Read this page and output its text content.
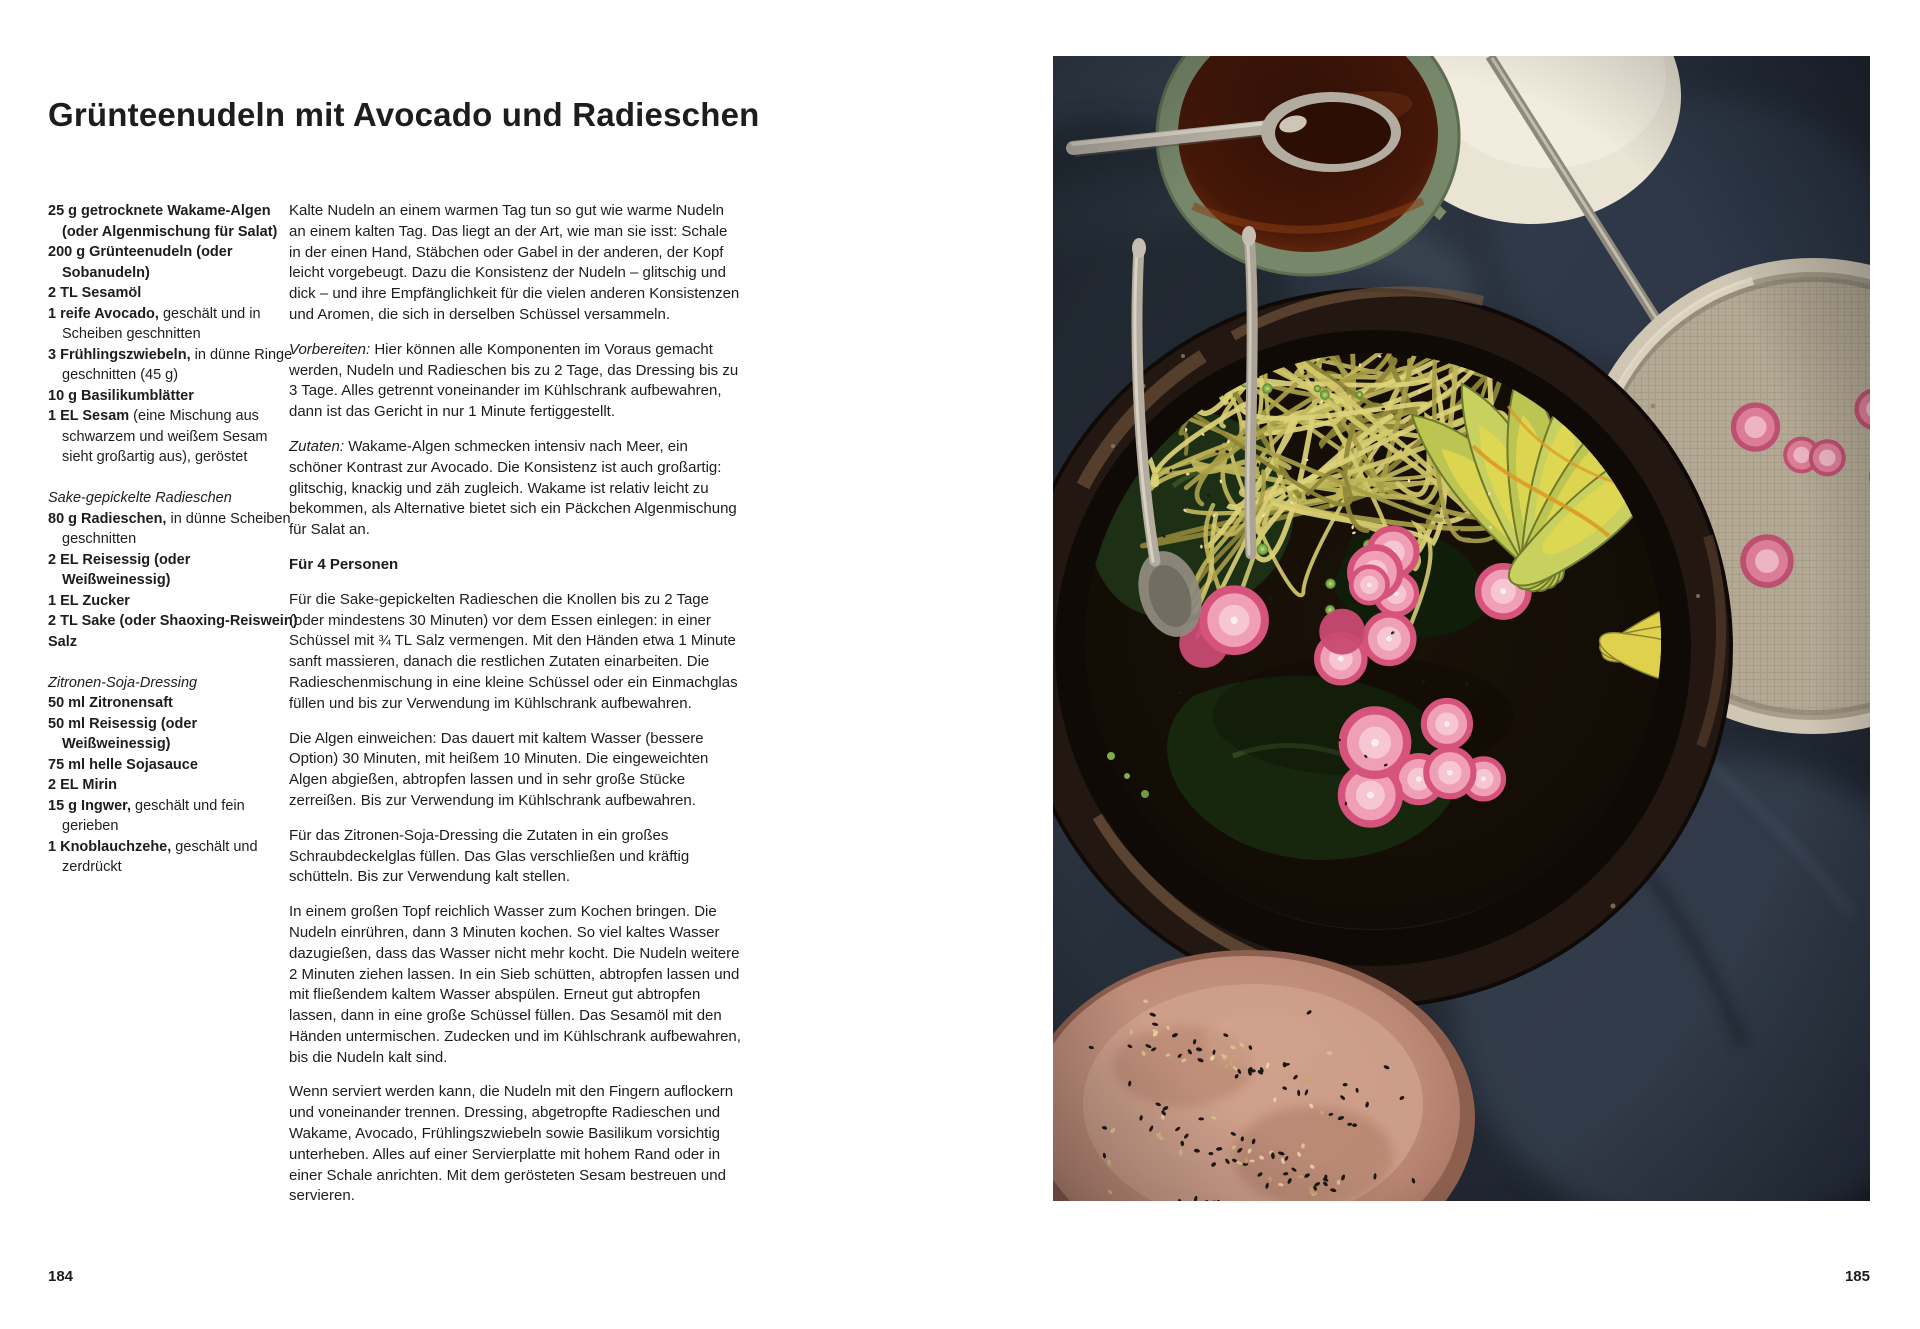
Grünteenudeln mit Avocado und Radieschen
25 g getrocknete Wakame-Algen (oder Algenmischung für Salat)
200 g Grünteenudeln (oder Sobanudeln)
2 TL Sesamöl
1 reife Avocado, geschält und in Scheiben geschnitten
3 Frühlingszwiebeln, in dünne Ringe geschnitten (45 g)
10 g Basilikumblätter
1 EL Sesam (eine Mischung aus schwarzem und weißem Sesam sieht großartig aus), geröstet
Sake-gepickelte Radieschen
80 g Radieschen, in dünne Scheiben geschnitten
2 EL Reisessig (oder Weißweinessig)
1 EL Zucker
2 TL Sake (oder Shaoxing-Reiswein)
Salz
Zitronen-Soja-Dressing
50 ml Zitronensaft
50 ml Reisessig (oder Weißweinessig)
75 ml helle Sojasauce
2 EL Mirin
15 g Ingwer, geschält und fein gerieben
1 Knoblauchzehe, geschält und zerdrückt
Kalte Nudeln an einem warmen Tag tun so gut wie warme Nudeln an einem kalten Tag. Das liegt an der Art, wie man sie isst: Schale in der einen Hand, Stäbchen oder Gabel in der anderen, der Kopf leicht vorgebeugt. Dazu die Konsistenz der Nudeln – glitschig und dick – und ihre Empfänglichkeit für die vielen anderen Konsistenzen und Aromen, die sich in derselben Schüssel versammeln.
Vorbereiten: Hier können alle Komponenten im Voraus gemacht werden, Nudeln und Radieschen bis zu 2 Tage, das Dressing bis zu 3 Tage. Alles getrennt voneinander im Kühlschrank aufbewahren, dann ist das Gericht in nur 1 Minute fertiggestellt.
Zutaten: Wakame-Algen schmecken intensiv nach Meer, ein schöner Kontrast zur Avocado. Die Konsistenz ist auch großartig: glitschig, knackig und zäh zugleich. Wakame ist relativ leicht zu bekommen, als Alternative bietet sich ein Päckchen Algenmischung für Salat an.
Für 4 Personen
Für die Sake-gepickelten Radieschen die Knollen bis zu 2 Tage (oder mindestens 30 Minuten) vor dem Essen einlegen: in einer Schüssel mit ¾ TL Salz vermengen. Mit den Händen etwa 1 Minute sanft massieren, danach die restlichen Zutaten einarbeiten. Die Radieschenmischung in eine kleine Schüssel oder ein Einmachglas füllen und bis zur Verwendung im Kühlschrank aufbewahren.
Die Algen einweichen: Das dauert mit kaltem Wasser (bessere Option) 30 Minuten, mit heißem 10 Minuten. Die eingeweichten Algen abgießen, abtropfen lassen und in sehr große Stücke zerreißen. Bis zur Verwendung im Kühlschrank aufbewahren.
Für das Zitronen-Soja-Dressing die Zutaten in ein großes Schraubdeckelglas füllen. Das Glas verschließen und kräftig schütteln. Bis zur Verwendung kalt stellen.
In einem großen Topf reichlich Wasser zum Kochen bringen. Die Nudeln einrühren, dann 3 Minuten kochen. So viel kaltes Wasser dazugießen, dass das Wasser nicht mehr kocht. Die Nudeln weitere 2 Minuten ziehen lassen. In ein Sieb schütten, abtropfen lassen und mit fließendem kaltem Wasser abspülen. Erneut gut abtropfen lassen, dann in eine große Schüssel füllen. Das Sesamöl mit den Händen untermischen. Zudecken und im Kühlschrank aufbewahren, bis die Nudeln kalt sind.
Wenn serviert werden kann, die Nudeln mit den Fingern auflockern und voneinander trennen. Dressing, abgetropfte Radieschen und Wakame, Avocado, Frühlingszwiebeln sowie Basilikum vorsichtig unterheben. Alles auf einer Servierplatte mit hohem Rand oder in einer Schale anrichten. Mit dem gerösteten Sesam bestreuen und servieren.
184	185
